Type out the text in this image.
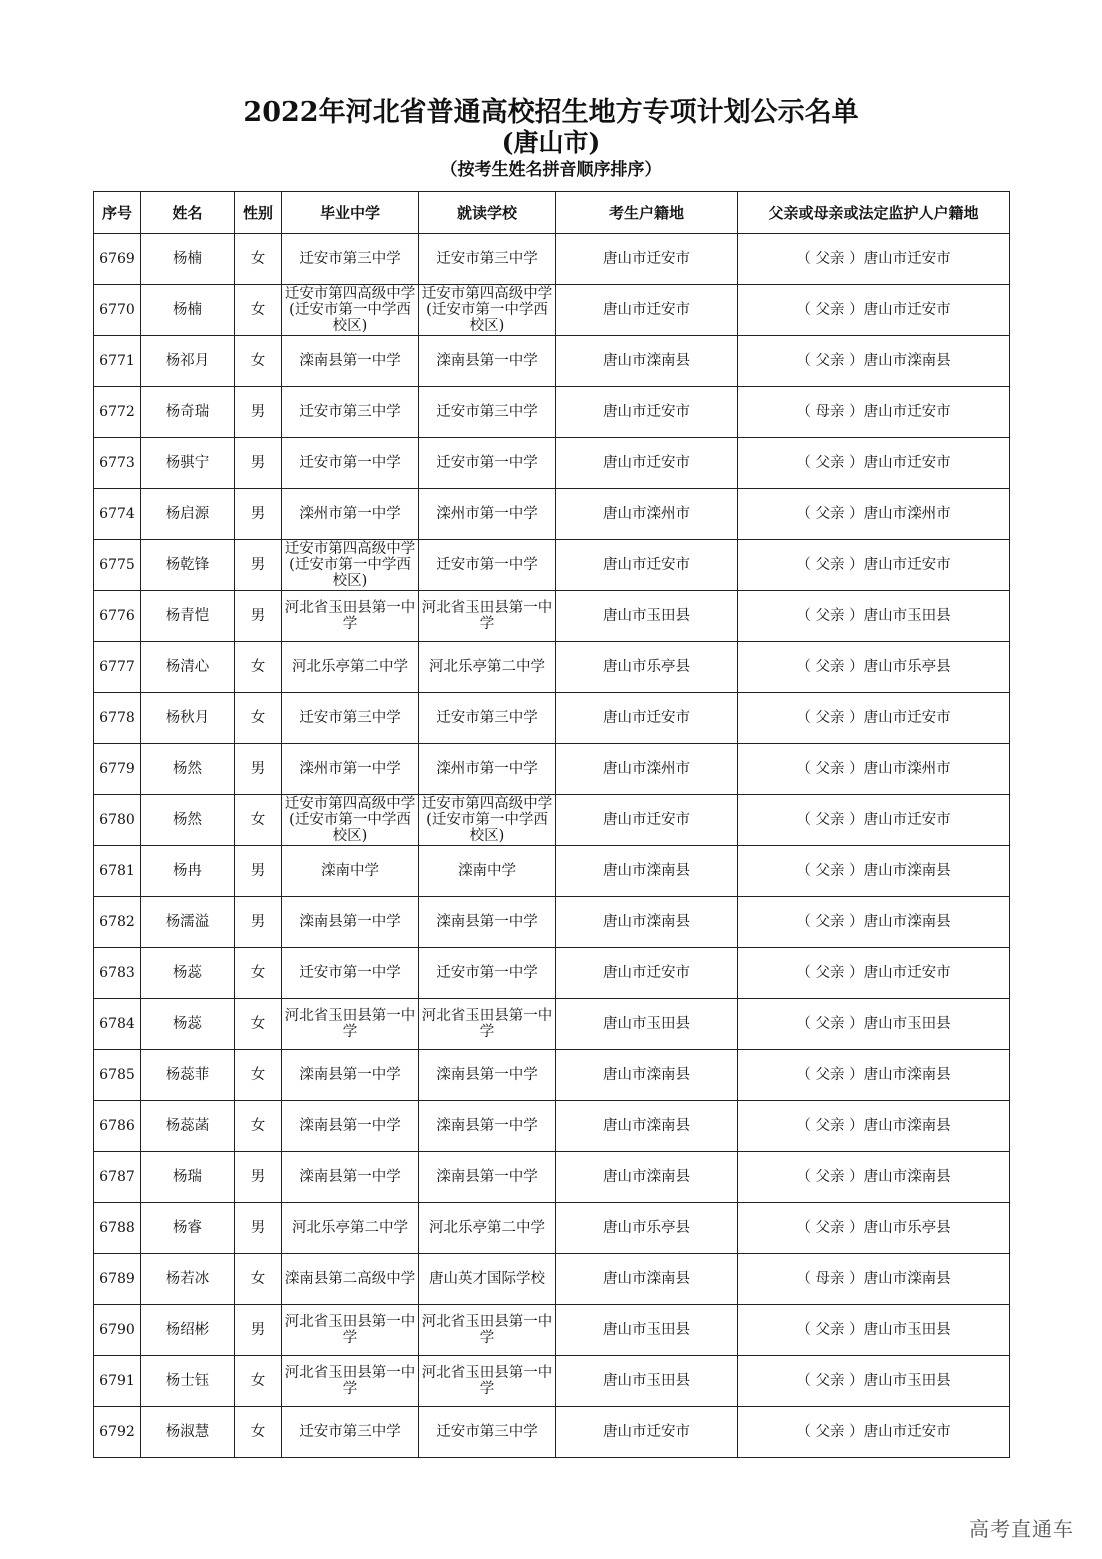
2022年河北省普通高校招生地方专项计划公示名单
(唐山市)
（按考生姓名拼音顺序排序）
序号	姓名	性别	毕业中学	就读学校	考生户籍地	父亲或母亲或法定监护人户籍地
6769	杨楠	女	迁安市第三中学	迁安市第三中学	唐山市迁安市	（ 父亲 ）唐山市迁安市
6770	杨楠	女	迁安市第四高级中学(迁安市第一中学西校区)	迁安市第四高级中学(迁安市第一中学西校区)	唐山市迁安市	（ 父亲 ）唐山市迁安市
6771	杨祁月	女	滦南县第一中学	滦南县第一中学	唐山市滦南县	（ 父亲 ）唐山市滦南县
6772	杨奇瑞	男	迁安市第三中学	迁安市第三中学	唐山市迁安市	（ 母亲 ）唐山市迁安市
6773	杨骐宁	男	迁安市第一中学	迁安市第一中学	唐山市迁安市	（ 父亲 ）唐山市迁安市
6774	杨启源	男	滦州市第一中学	滦州市第一中学	唐山市滦州市	（ 父亲 ）唐山市滦州市
6775	杨乾锋	男	迁安市第四高级中学(迁安市第一中学西校区)	迁安市第一中学	唐山市迁安市	（ 父亲 ）唐山市迁安市
6776	杨青恺	男	河北省玉田县第一中学	河北省玉田县第一中学	唐山市玉田县	（ 父亲 ）唐山市玉田县
6777	杨清心	女	河北乐亭第二中学	河北乐亭第二中学	唐山市乐亭县	（ 父亲 ）唐山市乐亭县
6778	杨秋月	女	迁安市第三中学	迁安市第三中学	唐山市迁安市	（ 父亲 ）唐山市迁安市
6779	杨然	男	滦州市第一中学	滦州市第一中学	唐山市滦州市	（ 父亲 ）唐山市滦州市
6780	杨然	女	迁安市第四高级中学(迁安市第一中学西校区)	迁安市第四高级中学(迁安市第一中学西校区)	唐山市迁安市	（ 父亲 ）唐山市迁安市
6781	杨冉	男	滦南中学	滦南中学	唐山市滦南县	（ 父亲 ）唐山市滦南县
6782	杨濡溢	男	滦南县第一中学	滦南县第一中学	唐山市滦南县	（ 父亲 ）唐山市滦南县
6783	杨蕊	女	迁安市第一中学	迁安市第一中学	唐山市迁安市	（ 父亲 ）唐山市迁安市
6784	杨蕊	女	河北省玉田县第一中学	河北省玉田县第一中学	唐山市玉田县	（ 父亲 ）唐山市玉田县
6785	杨蕊菲	女	滦南县第一中学	滦南县第一中学	唐山市滦南县	（ 父亲 ）唐山市滦南县
6786	杨蕊菡	女	滦南县第一中学	滦南县第一中学	唐山市滦南县	（ 父亲 ）唐山市滦南县
6787	杨瑞	男	滦南县第一中学	滦南县第一中学	唐山市滦南县	（ 父亲 ）唐山市滦南县
6788	杨睿	男	河北乐亭第二中学	河北乐亭第二中学	唐山市乐亭县	（ 父亲 ）唐山市乐亭县
6789	杨若冰	女	滦南县第二高级中学	唐山英才国际学校	唐山市滦南县	（ 母亲 ）唐山市滦南县
6790	杨绍彬	男	河北省玉田县第一中学	河北省玉田县第一中学	唐山市玉田县	（ 父亲 ）唐山市玉田县
6791	杨士钰	女	河北省玉田县第一中学	河北省玉田县第一中学	唐山市玉田县	（ 父亲 ）唐山市玉田县
6792	杨淑慧	女	迁安市第三中学	迁安市第三中学	唐山市迁安市	（ 父亲 ）唐山市迁安市
高考直通车
